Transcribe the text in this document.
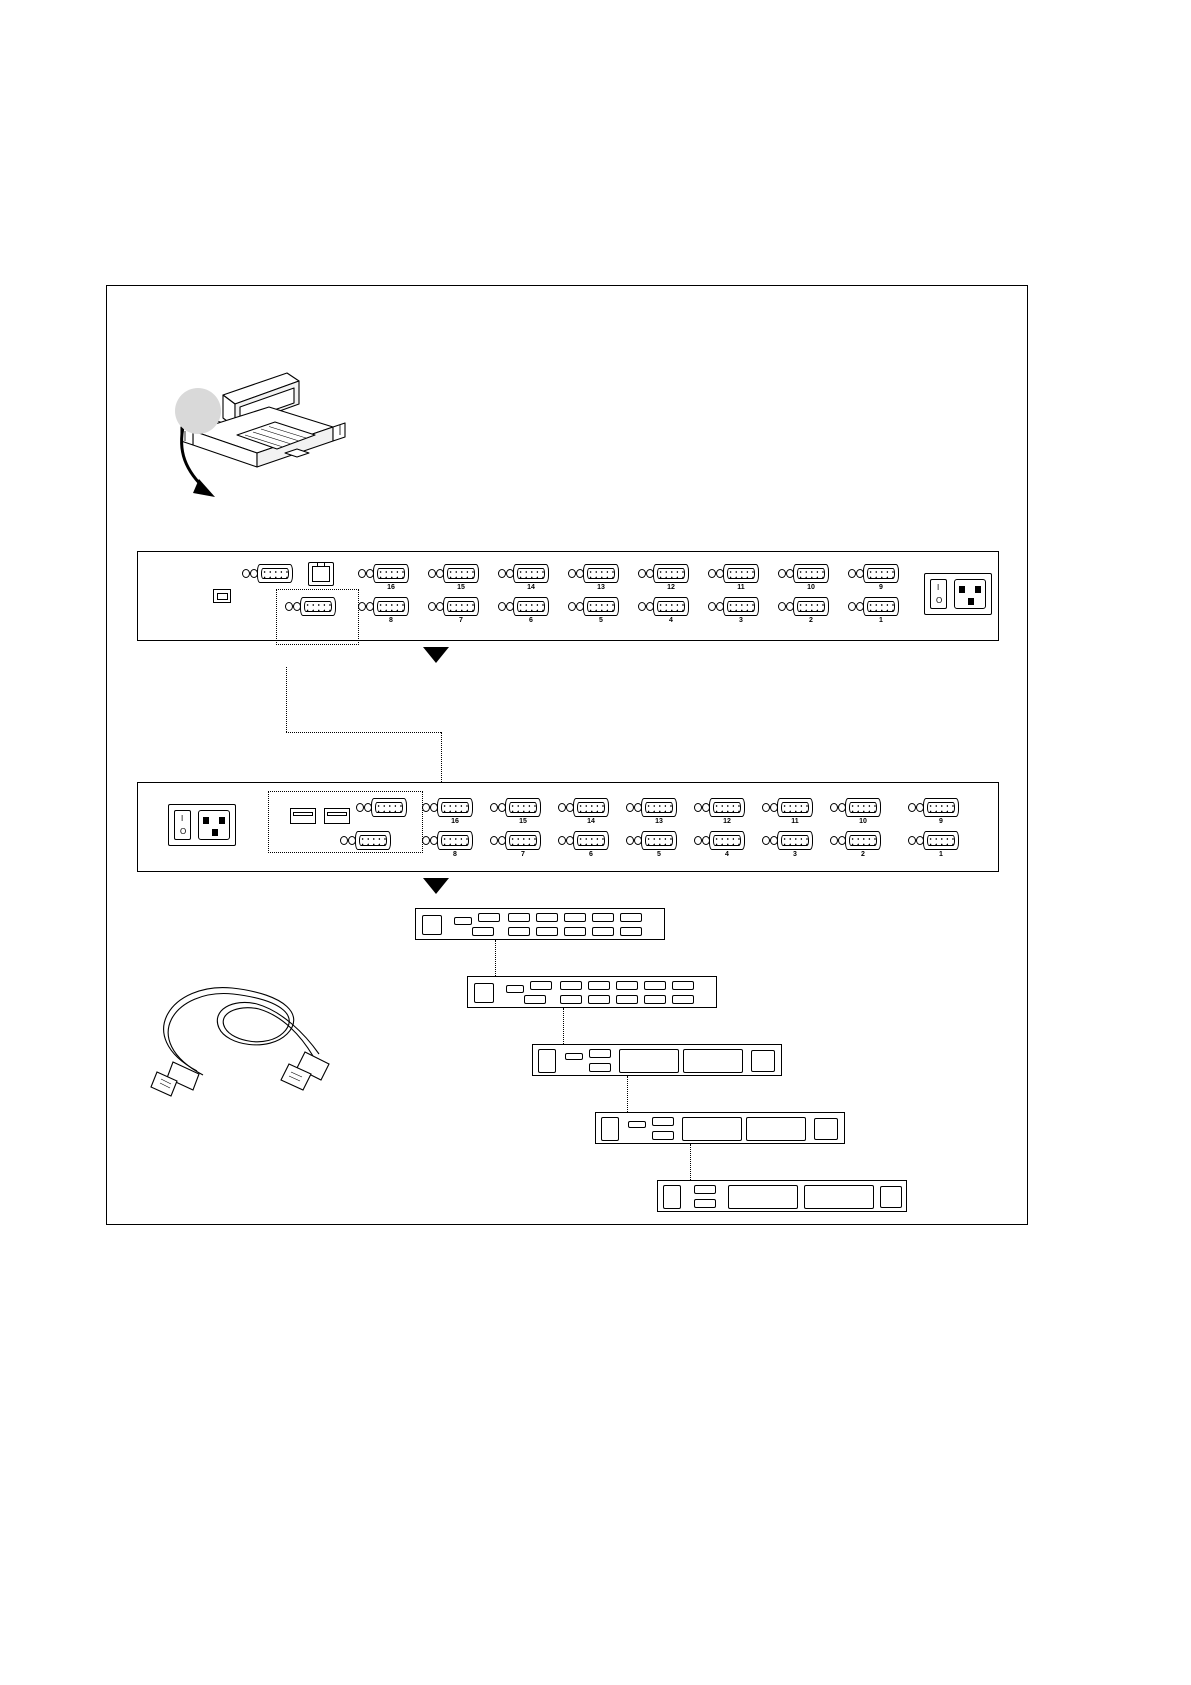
16	15	14	13	12	11	10	9
8	7	6	5	4	3	2	1
I
O
I
O
16	15	14	13	12	11	10	9
8	7	6	5	4	3	2	1
